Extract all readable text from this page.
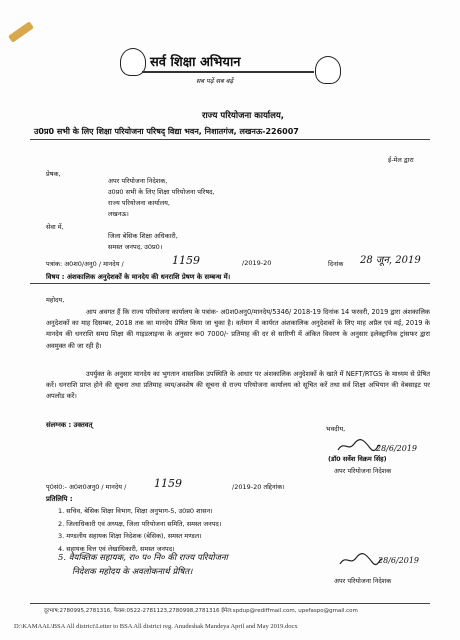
सर्व शिक्षा अभियान
सब पढ़ें सब बढ़ें
राज्य परियोजना कार्यालय,
उ0प्र0 सभी के लिए शिक्षा परियोजना परिषद् विद्या भवन, निशातगंज, लखनऊ-226007
ई-मेल द्वारा
प्रेषक,
अपर परियोजना निदेशक,
उ0प्र0 सभी के लिए शिक्षा परियोजना परिषद,
राज्य परियोजना कार्यालय,
लखनऊ।
सेवा में,
जिला बेसिक शिक्षा अधिकारी,
समस्त जनपद, उ0प्र0।
पत्रांक: अ0श0/अनु0 / मानदेय /	1159	/2019-20	दिनांक 28 जून, 2019
विषय : अंशकालिक अनुदेशकों के मानदेय की धनराशि प्रेषण के सम्बन्ध में।
महोदय,
आप अवगत हैं कि राज्य परियोजना कार्यालय के पत्रांक- अ0श0अनु0/मानदेय/5346/ 2018-19 दिनांक 14 फरवरी, 2019 द्वारा अंशकालिक अनुदेशकों का माह दिसम्बर, 2018 तक का मानदेय प्रेषित किया जा चुका है। वर्तमान में कार्यरत अंशकालिक अनुदेशकों के लिए माह अप्रैल एवं मई, 2019 के मानदेय की धनराशि समग्र शिक्षा की गाइडलाइन्स के अनुसार रू0 7000/- प्रतिमाह की दर से सारिणी में अंकित विवरण के अनुसार इलेक्ट्रानिक ट्रांसफर द्वारा अवमुक्त की जा रही है।
उपर्युक्त के अनुसार मानदेय का भुगतान वास्तविक उपस्थिति के आधार पर अंशकालिक अनुदेशकों के खाते में NEFT/RTGS के माध्यम से प्रेषित करें। धनराशि प्राप्त होने की सूचना तथा प्रतिमाह व्यय/अवशेष की सूचना से राज्य परियोजना कार्यालय को सूचित करें तथा सर्व शिक्षा अभियान की वेबसाइट पर अपलोड करें।
संलग्नक : उक्तवत्	भवदीय,
28/6/2019
(डॉ0 सर्वेश विक्रम सिंह)
अपर परियोजना निदेशक
पृ0सं0:- अ0श0अनु0 / मानदेय /	1159	/2019-20 तद्दिनांक।
प्रतिलिपि :
1. सचिव, बेसिक शिक्षा विभाग, शिक्षा अनुभाग-5, उ0प्र0 शासन।
2. जिलाधिकारी एवं अध्यक्ष, जिला परियोजना समिति, समस्त जनपद।
3. मण्डलीय सहायक शिक्षा निदेशक (बेसिक), समस्त मण्डल।
4. सहायक वित्त एवं लेखाधिकारी, समस्त जनपद।
5. वैयक्तिक सहायक, रा० प० नि० की राज्य परियोजना
निदेशक महोदय के अवलोकनार्थ प्रेषित।
28/6/2019
अपर परियोजना निदेशक
दूरभाष:2780995,2781316, फैक्स:0522-2781123,2780998,2781316 ईमेल:spdup@rediffmail.com, upefaspo@gmail.com
D:\KAMAAL\BSA All district\Letter to BSA All district reg. Anudeshak Mandeya April and May 2019.docx
